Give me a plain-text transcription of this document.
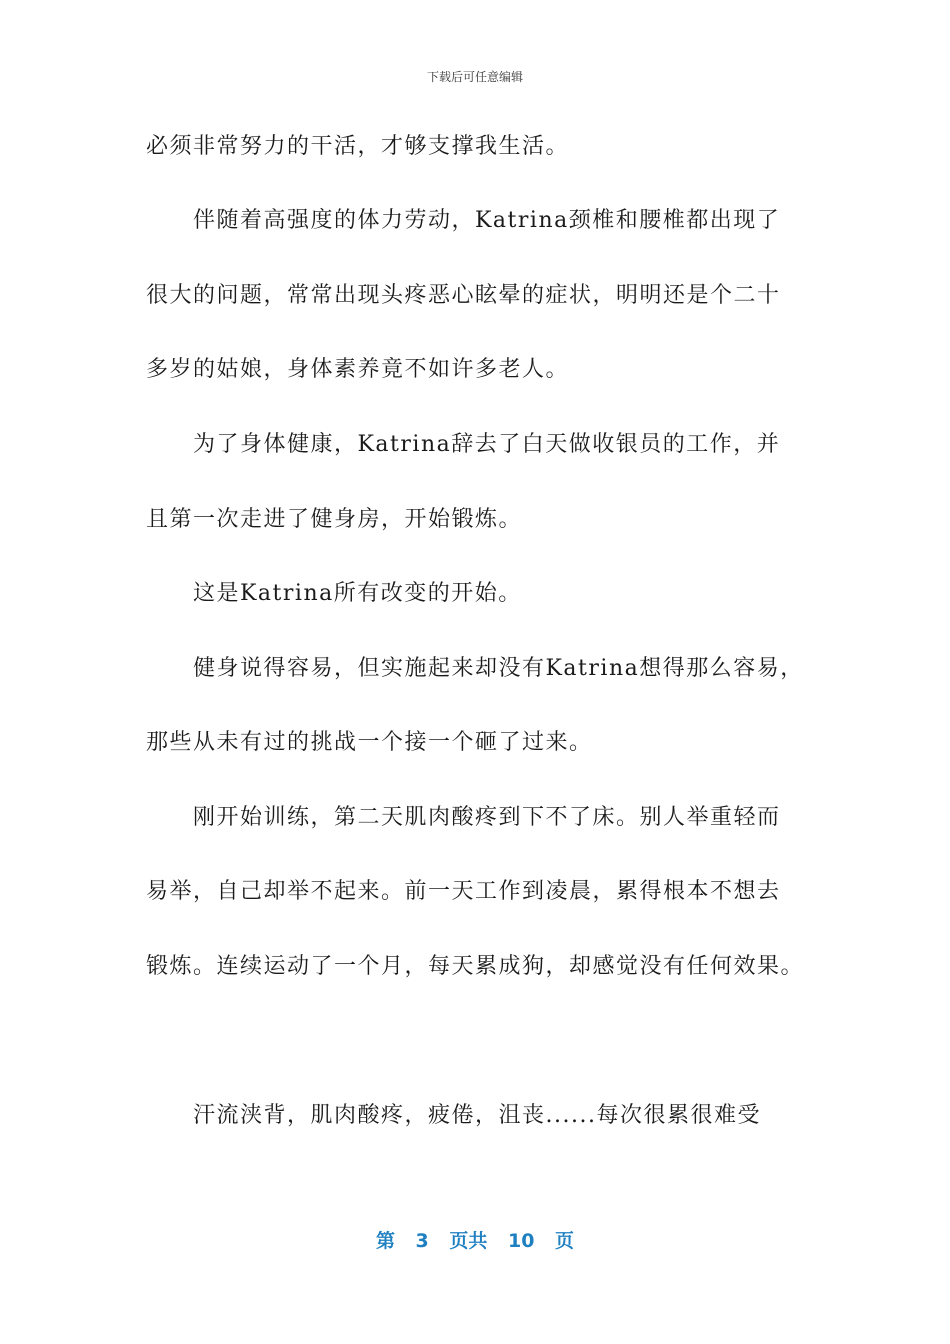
下载后可任意编辑
必须非常努力的干活，才够支撑我生活。
伴随着高强度的体力劳动，Katrina颈椎和腰椎都出现了
很大的问题，常常出现头疼恶心眩晕的症状，明明还是个二十
多岁的姑娘，身体素养竟不如许多老人。
为了身体健康，Katrina辞去了白天做收银员的工作，并
且第一次走进了健身房，开始锻炼。
这是Katrina所有改变的开始。
健身说得容易，但实施起来却没有Katrina想得那么容易，
那些从未有过的挑战一个接一个砸了过来。
刚开始训练，第二天肌肉酸疼到下不了床。别人举重轻而
易举，自己却举不起来。前一天工作到凌晨，累得根本不想去
锻炼。连续运动了一个月，每天累成狗，却感觉没有任何效果。
汗流浃背，肌肉酸疼，疲倦，沮丧......每次很累很难受
第 3 页共 10 页
